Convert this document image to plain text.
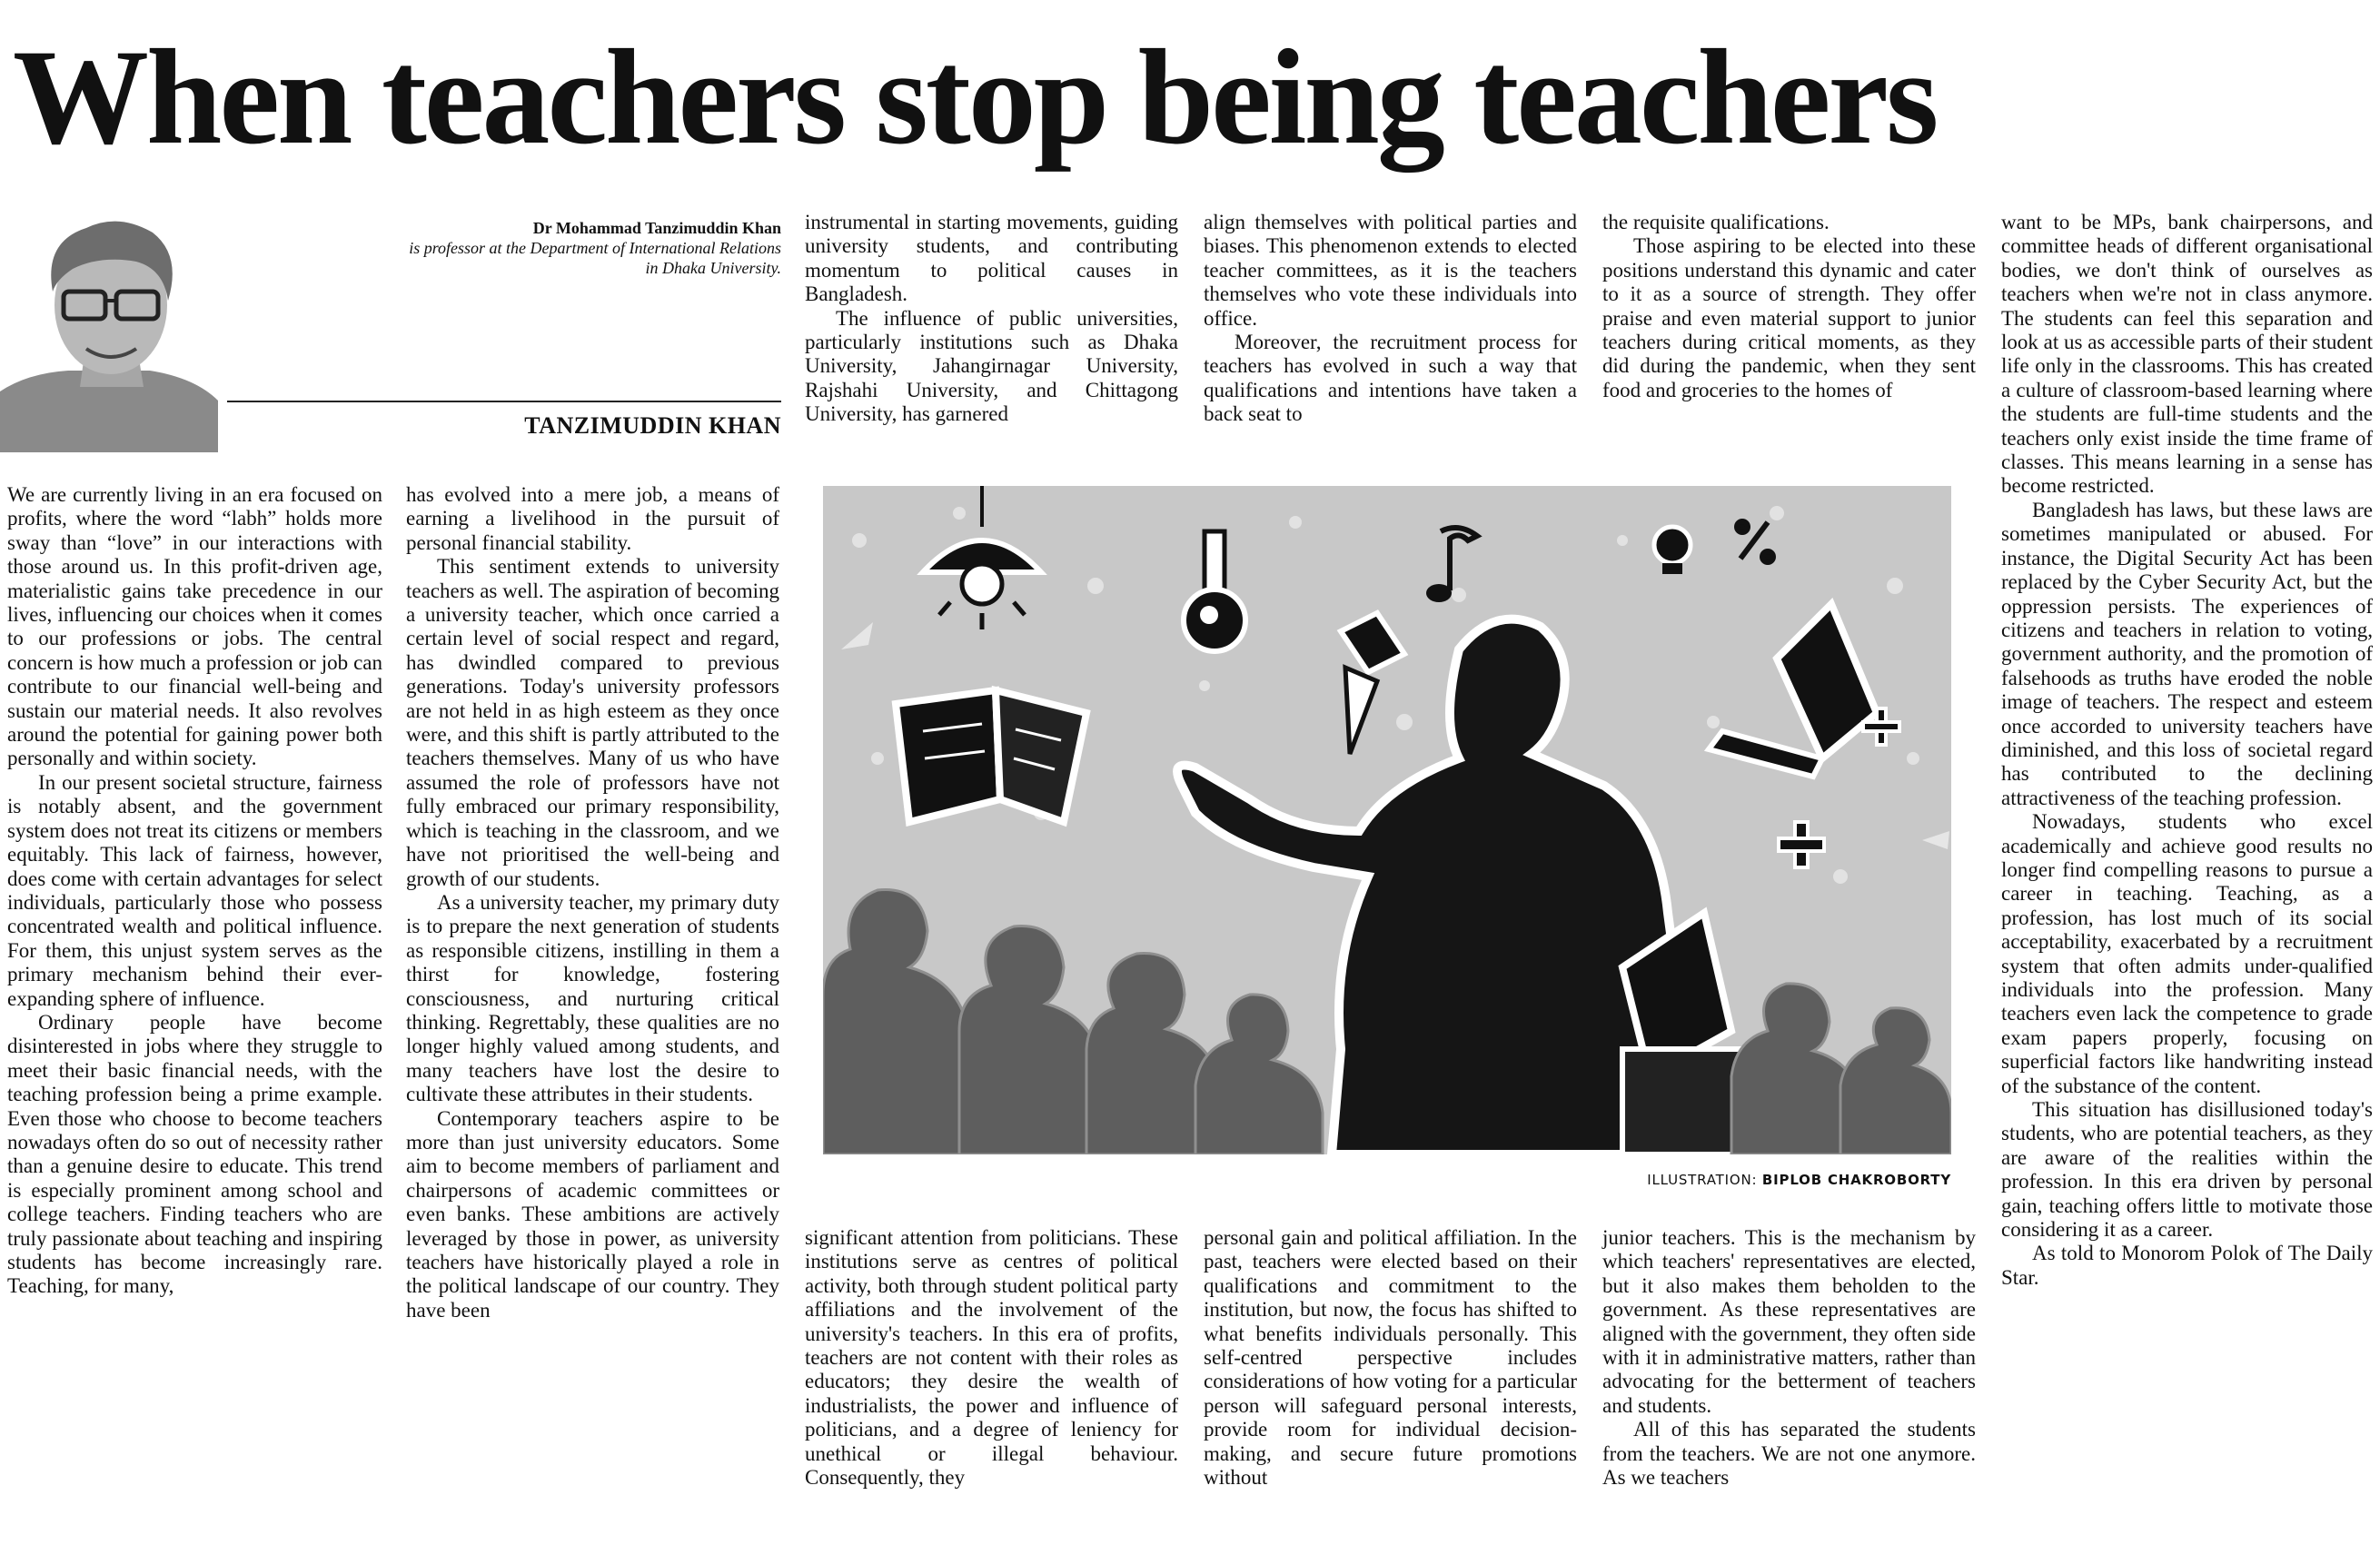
When teachers stop being teachers
Dr Mohammad Tanzimuddin Khan
is professor at the Department of International Relations in Dhaka University.
TANZIMUDDIN KHAN

We are currently living in an era focused on profits, where the word “labh” holds more sway than “love” in our interactions with those around us. In this profit-driven age, materialistic gains take precedence in our lives, influencing our choices when it comes to our professions or jobs. The central concern is how much a profession or job can contribute to our financial well-being and sustain our material needs. It also revolves around the potential for gaining power both personally and within society.

In our present societal structure, fairness is notably absent, and the government system does not treat its citizens or members equitably. This lack of fairness, however, does come with certain advantages for select individuals, particularly those who possess concentrated wealth and political influence. For them, this unjust system serves as the primary mechanism behind their ever-expanding sphere of influence.

Ordinary people have become disinterested in jobs where they struggle to meet their basic financial needs, with the teaching profession being a prime example. Even those who choose to become teachers nowadays often do so out of necessity rather than a genuine desire to educate. This trend is especially prominent among school and college teachers. Finding teachers who are truly passionate about teaching and inspiring students has become increasingly rare. Teaching, for many,

has evolved into a mere job, a means of earning a livelihood in the pursuit of personal financial stability.

This sentiment extends to university teachers as well. The aspiration of becoming a university teacher, which once carried a certain level of social respect and regard, has dwindled compared to previous generations. Today's university professors are not held in as high esteem as they once were, and this shift is partly attributed to the teachers themselves. Many of us who have assumed the role of professors have not fully embraced our primary responsibility, which is teaching in the classroom, and we have not prioritised the well-being and growth of our students.

As a university teacher, my primary duty is to prepare the next generation of students as responsible citizens, instilling in them a thirst for knowledge, fostering consciousness, and nurturing critical thinking. Regrettably, these qualities are no longer highly valued among students, and many teachers have lost the desire to cultivate these attributes in their students.

Contemporary teachers aspire to be more than just university educators. Some aim to become members of parliament and chairpersons of academic committees or even banks. These ambitions are actively leveraged by those in power, as university teachers have historically played a role in the political landscape of our country. They have been

instrumental in starting movements, guiding university students, and contributing momentum to political causes in Bangladesh.

The influence of public universities, particularly institutions such as Dhaka University, Jahangirnagar University, Rajshahi University, and Chittagong University, has garnered

significant attention from politicians. These institutions serve as centres of political activity, both through student political party affiliations and the involvement of the university's teachers. In this era of profits, teachers are not content with their roles as educators; they desire the wealth of industrialists, the power and influence of politicians, and a degree of leniency for unethical or illegal behaviour. Consequently, they

align themselves with political parties and biases. This phenomenon extends to elected teacher committees, as it is the teachers themselves who vote these individuals into office.

Moreover, the recruitment process for teachers has evolved in such a way that qualifications and intentions have taken a back seat to

personal gain and political affiliation. In the past, teachers were elected based on their qualifications and commitment to the institution, but now, the focus has shifted to what benefits individuals personally. This self-centred perspective includes considerations of how voting for a particular person will safeguard personal interests, provide room for individual decision-making, and secure future promotions without

the requisite qualifications.

Those aspiring to be elected into these positions understand this dynamic and cater to it as a source of strength. They offer praise and even material support to junior teachers during critical moments, as they did during the pandemic, when they sent food and groceries to the homes of

junior teachers. This is the mechanism by which teachers' representatives are elected, but it also makes them beholden to the government. As these representatives are aligned with the government, they often side with it in administrative matters, rather than advocating for the betterment of teachers and students.

All of this has separated the students from the teachers. We are not one anymore. As we teachers

want to be MPs, bank chairpersons, and committee heads of different organisational bodies, we don't think of ourselves as teachers when we're not in class anymore. The students can feel this separation and look at us as accessible parts of their student life only in the classrooms. This has created a culture of classroom-based learning where the students are full-time students and the teachers only exist inside the time frame of classes. This means learning in a sense has become restricted.

Bangladesh has laws, but these laws are sometimes manipulated or abused. For instance, the Digital Security Act has been replaced by the Cyber Security Act, but the oppression persists. The experiences of citizens and teachers in relation to voting, government authority, and the promotion of falsehoods as truths have eroded the noble image of teachers. The respect and esteem once accorded to university teachers have diminished, and this loss of societal regard has contributed to the declining attractiveness of the teaching profession.

Nowadays, students who excel academically and achieve good results no longer find compelling reasons to pursue a career in teaching. Teaching, as a profession, has lost much of its social acceptability, exacerbated by a recruitment system that often admits under-qualified individuals into the profession. Many teachers even lack the competence to grade exam papers properly, focusing on superficial factors like handwriting instead of the substance of the content.

This situation has disillusioned today's students, who are potential teachers, as they are aware of the realities within the profession. In this era driven by personal gain, teaching offers little to motivate those considering it as a career.

As told to Monorom Polok of The Daily Star.

ILLUSTRATION: BIPLOB CHAKROBORTY
